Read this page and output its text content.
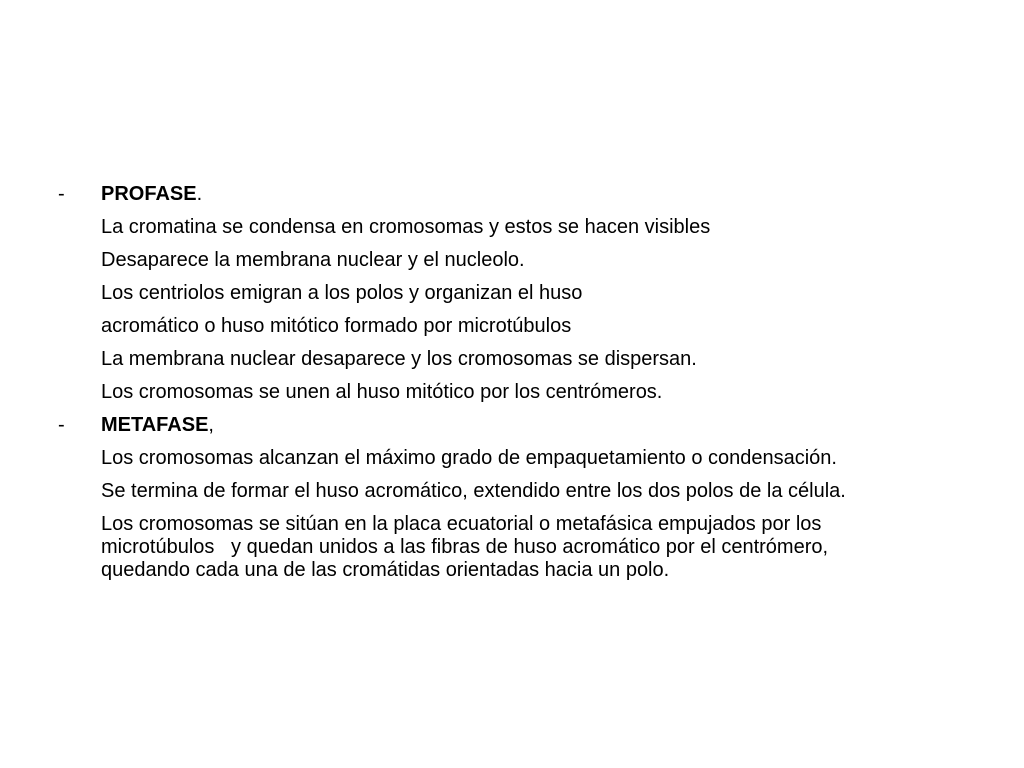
-	PROFASE.
La cromatina se condensa en cromosomas y estos se hacen visibles
Desaparece la membrana nuclear y el nucleolo.
Los centriolos emigran a los polos y organizan el huso
acromático o huso mitótico formado por microtúbulos
La membrana nuclear desaparece y los cromosomas se dispersan.
Los cromosomas se unen al huso mitótico por los centrómeros.
-	METAFASE,
Los cromosomas alcanzan el máximo grado de empaquetamiento o condensación.
Se termina de formar el huso acromático, extendido entre los dos polos de la célula.
Los cromosomas se sitúan en la placa ecuatorial o metafásica empujados por los
microtúbulos   y quedan unidos a las fibras de huso acromático por el centrómero,
quedando cada una de las cromátidas orientadas hacia un polo.
